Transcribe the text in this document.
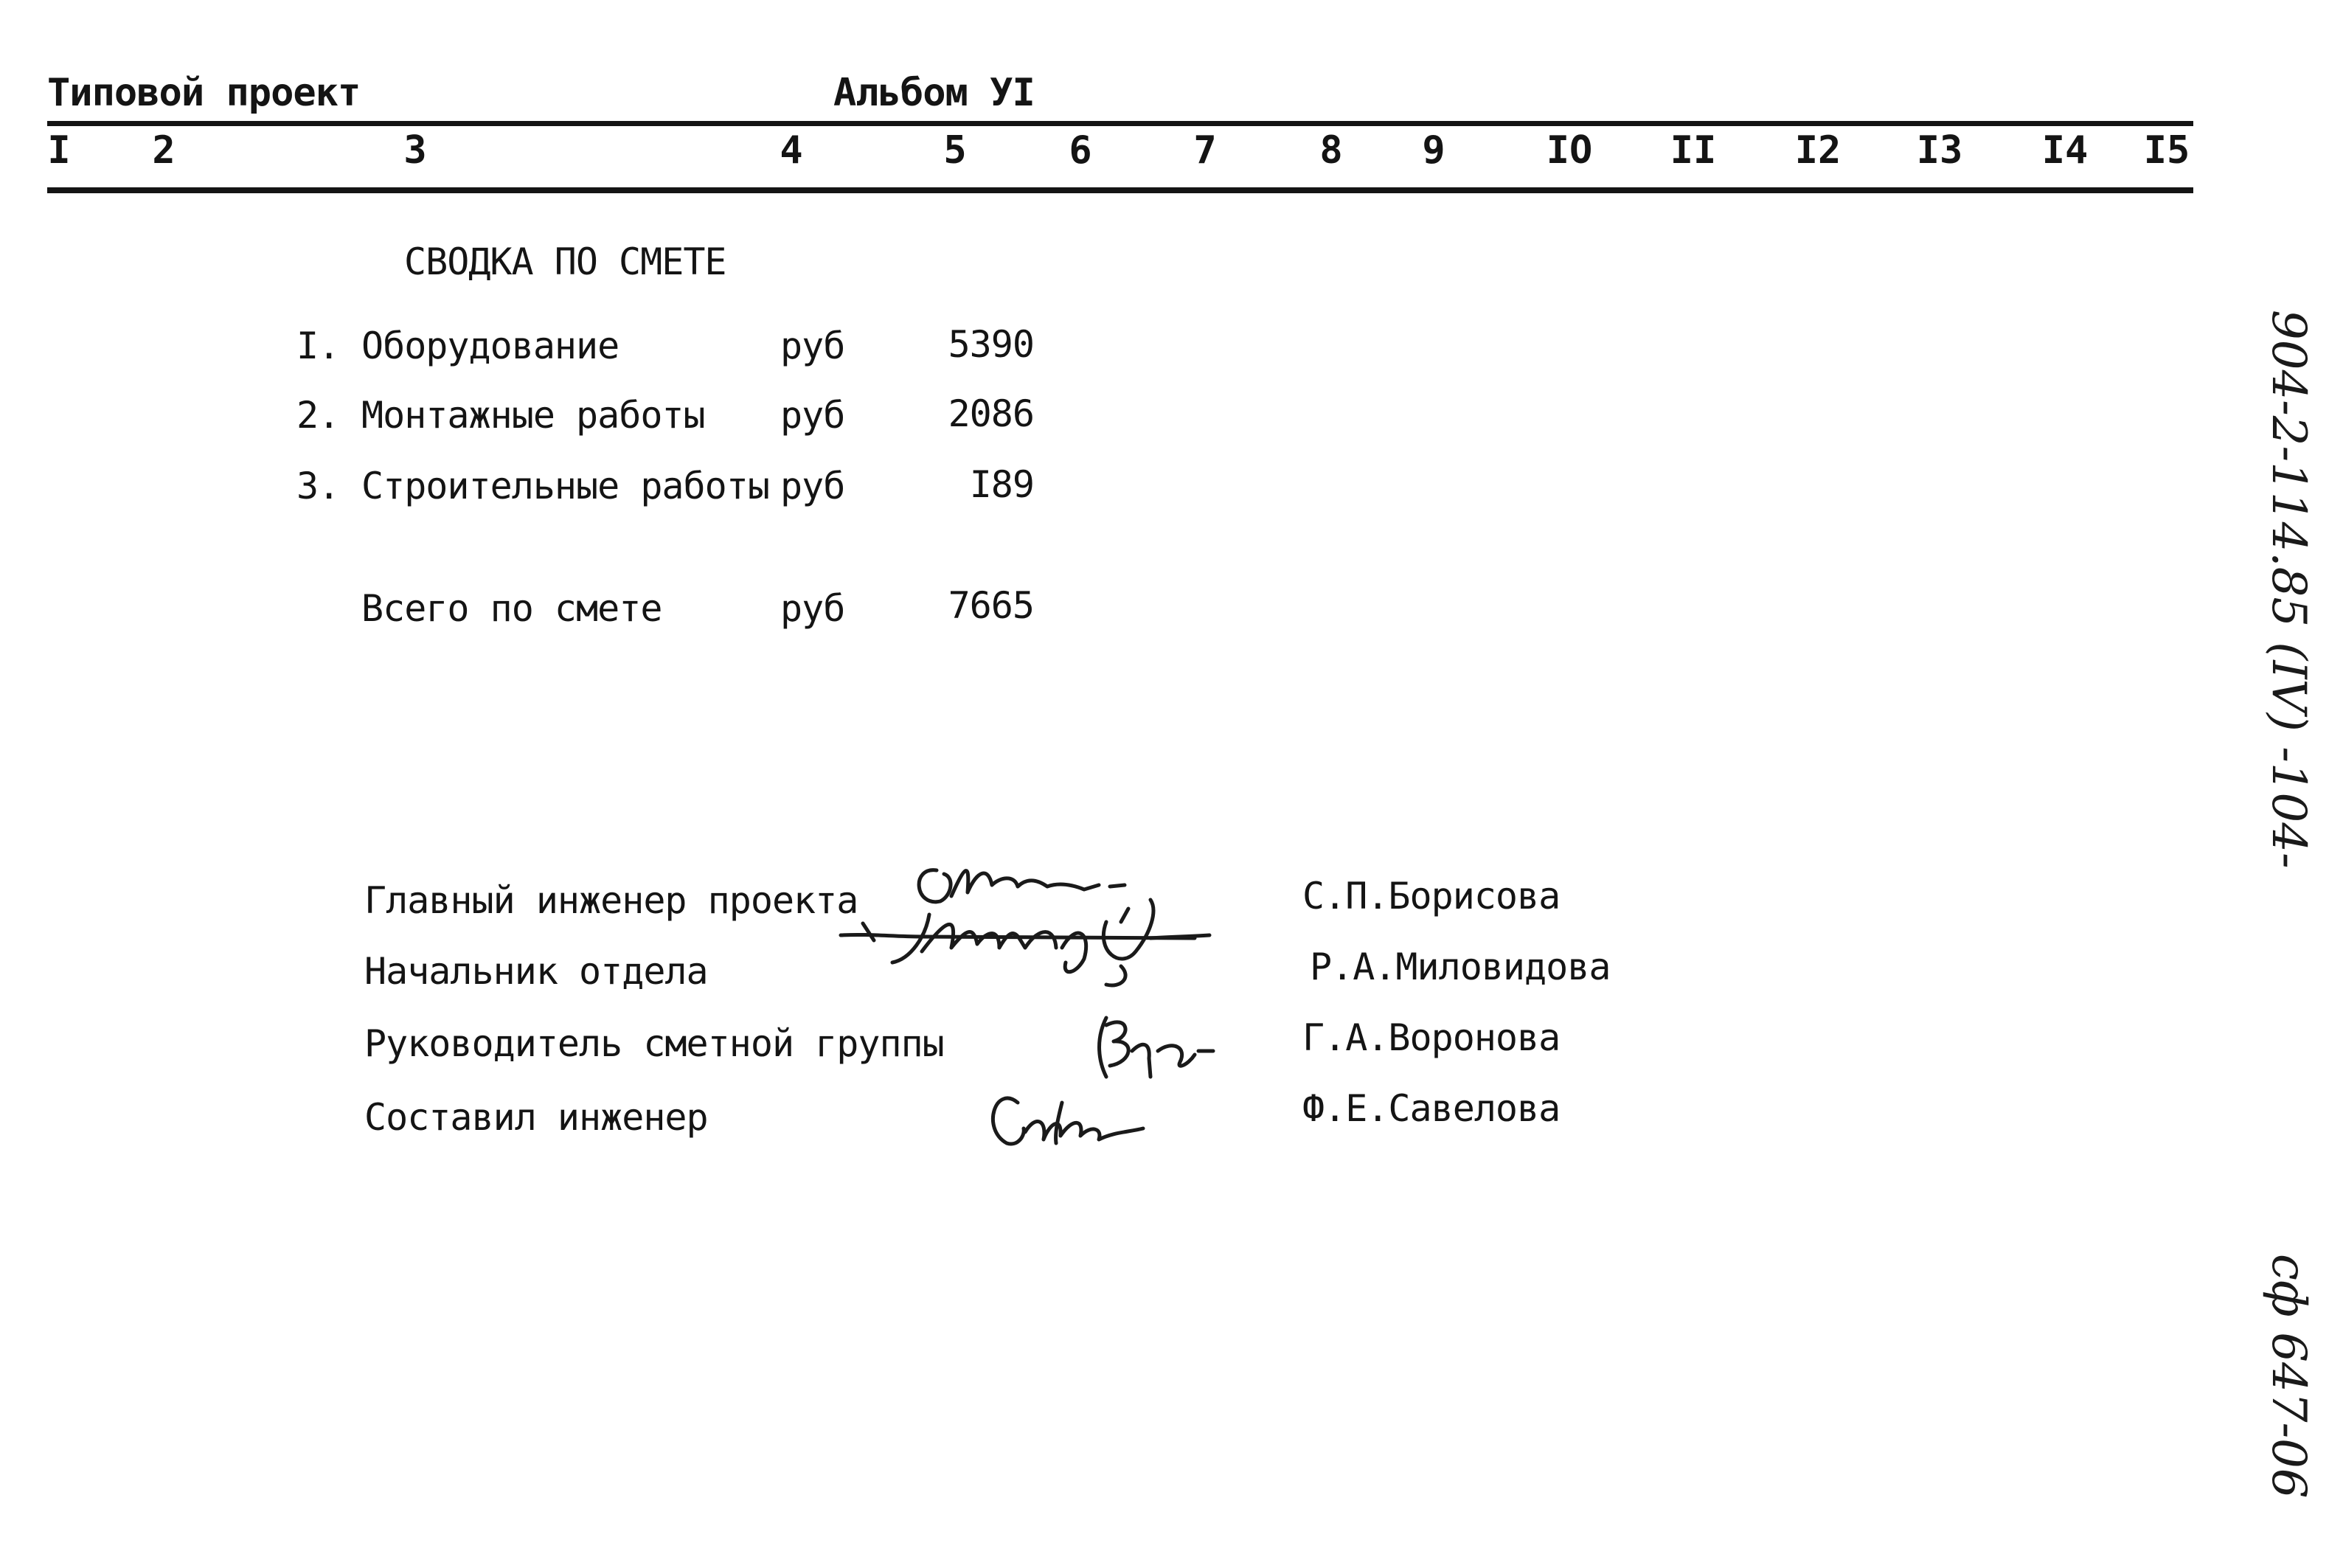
Типовой проект	Альбом УI
I 2	3	4	5	6	7	8 9	IO II I2 I3 I4 I5
СВОДКА ПО СМЕТЕ
I. Оборудование	руб	5390
2. Монтажные работы руб	2086
3. Строительные работы руб	I89
Всего по смете	руб	7665
Главный инженер проекта	С.П.Борисова
Начальник отдела	Р.А.Миловидова
Руководитель сметной группы	Г.А.Воронова
Составил инженер	Ф.Е.Савелова
904-2-114.85 (IV) -104-
сф 647-06
